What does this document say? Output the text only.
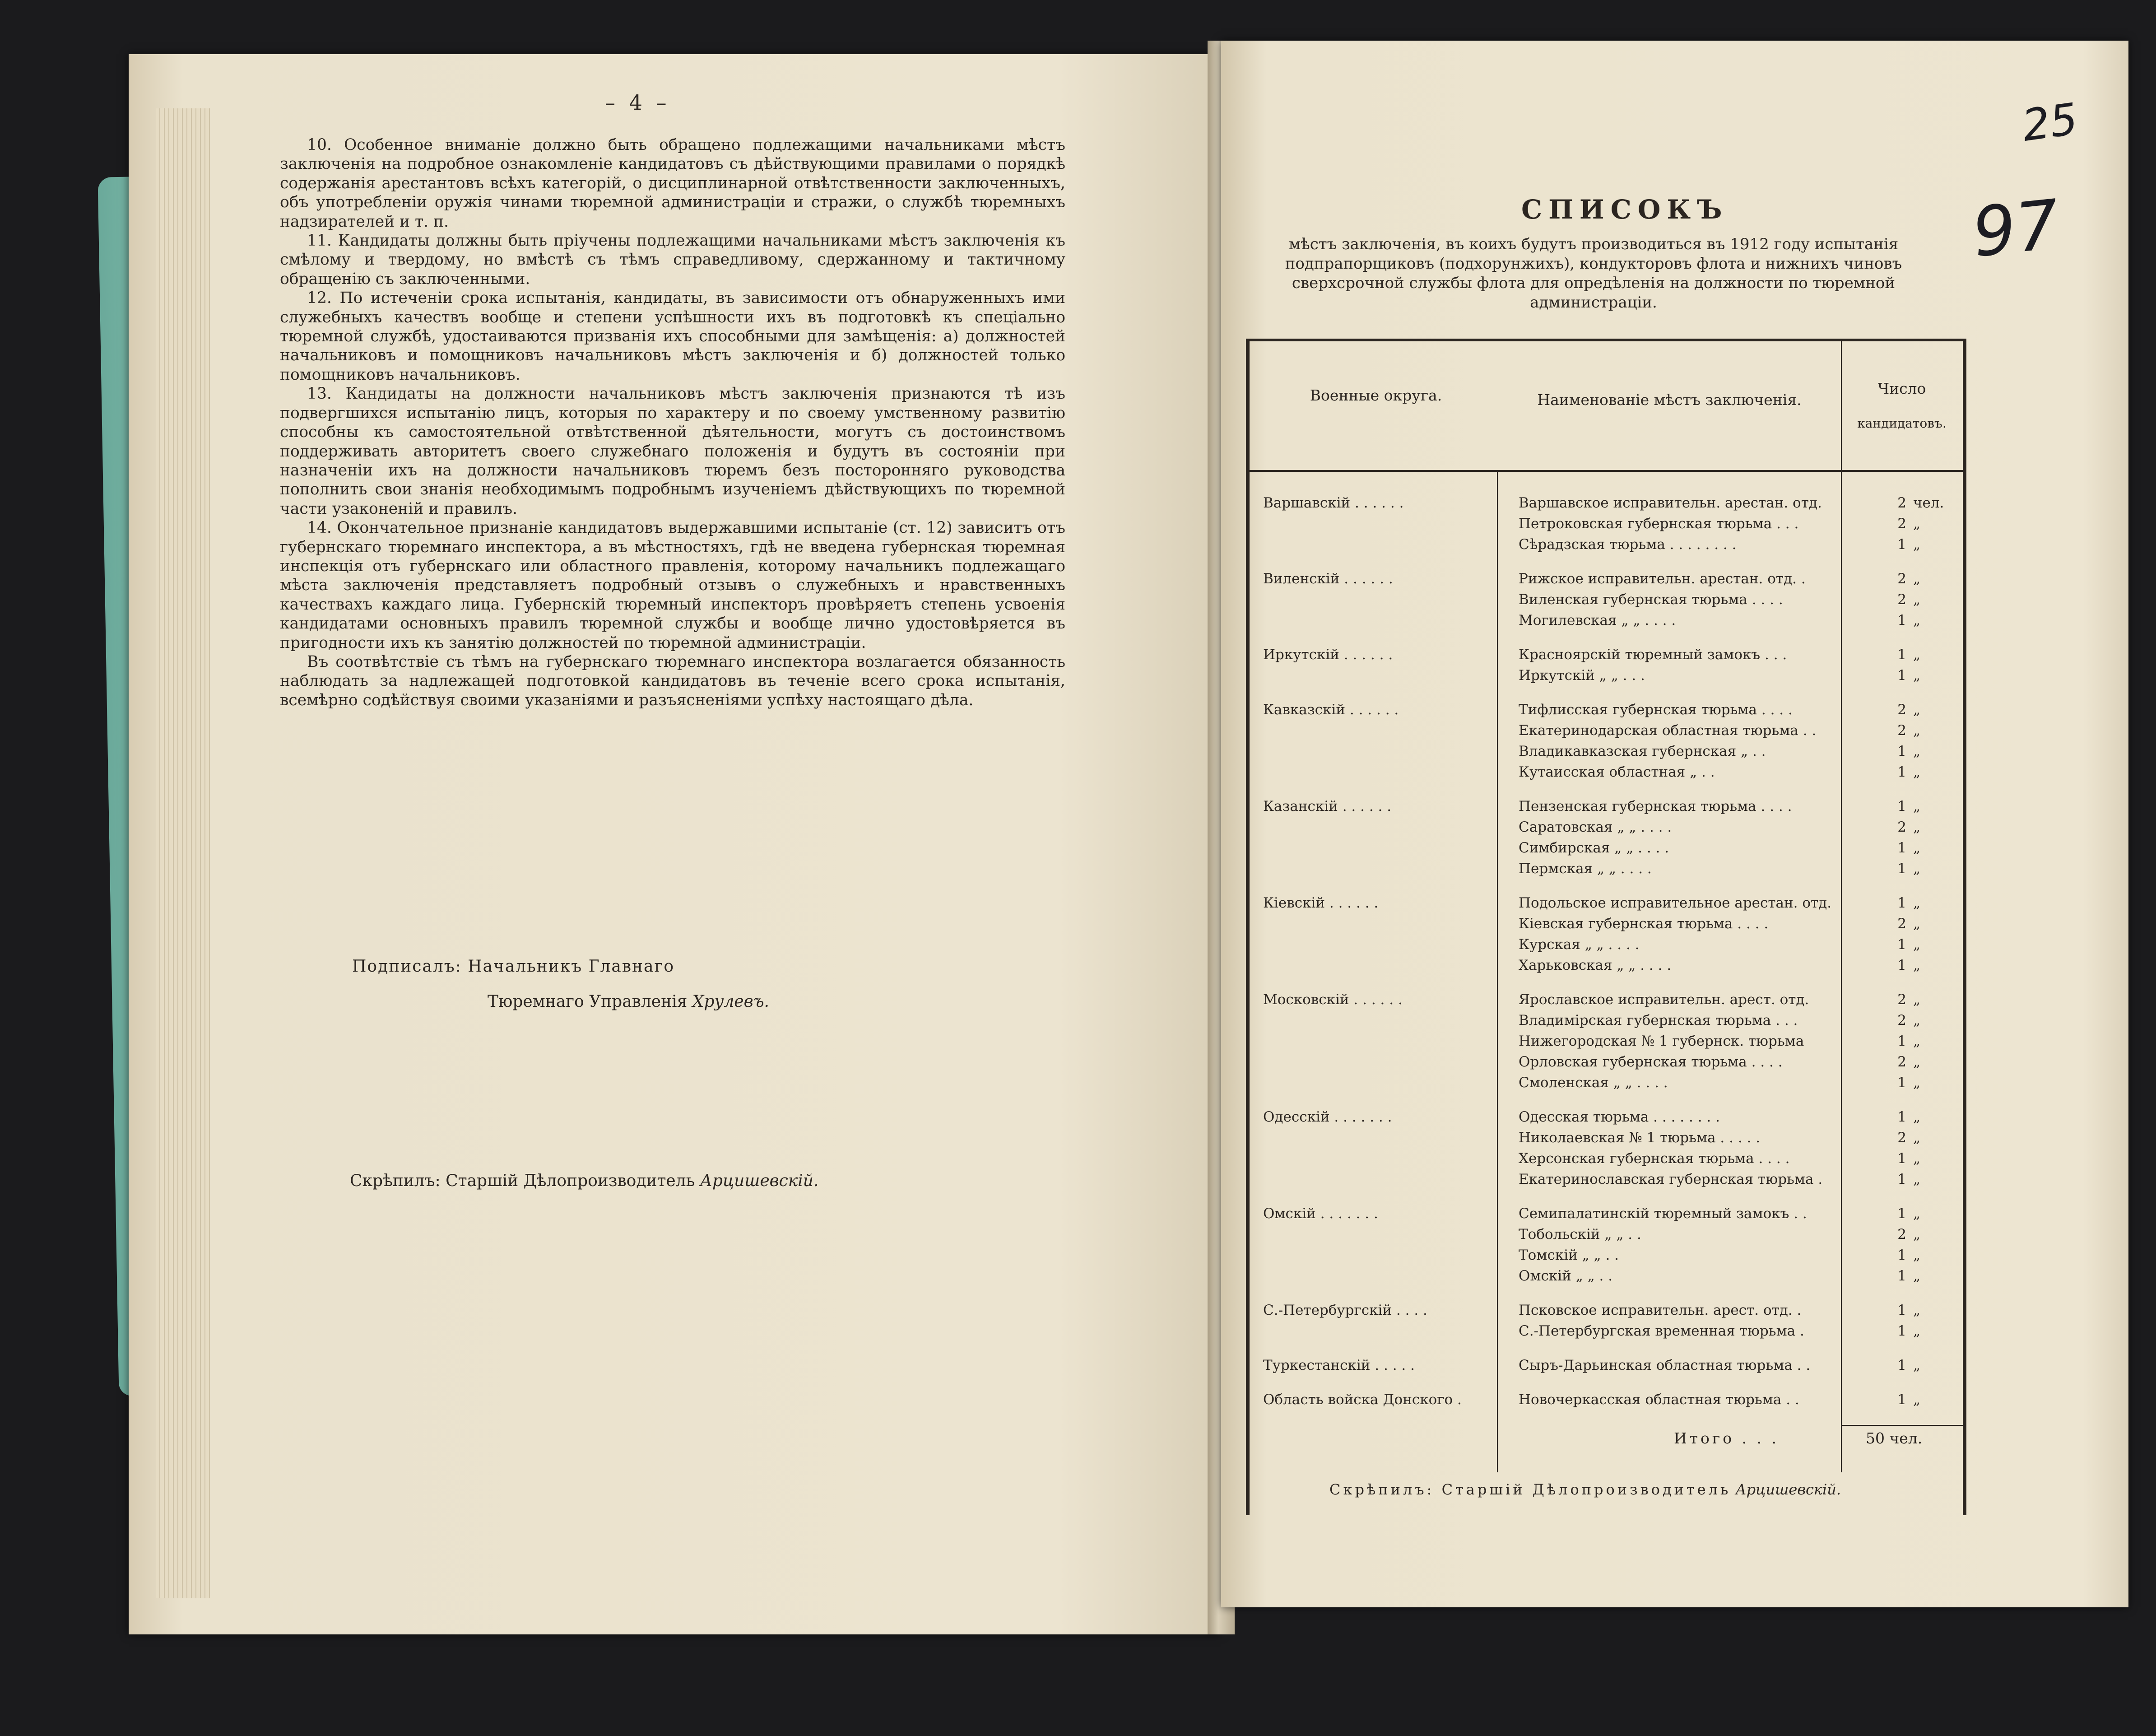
– 4 –

10. Особенное вниманіе должно быть обращено подлежащими начальниками мѣстъ заключенія на подробное ознакомленіе кандидатовъ съ дѣйствующими правилами о порядкѣ содержанія арестантовъ всѣхъ категорій, о дисциплинарной отвѣтственности заключенныхъ, объ употребленіи оружія чинами тюремной администраціи и стражи, о службѣ тюремныхъ надзирателей и т. п.

11. Кандидаты должны быть пріучены подлежащими начальниками мѣстъ заключенія къ смѣлому и твердому, но вмѣстѣ съ тѣмъ справедливому, сдержанному и тактичному обращенію съ заключенными.

12. По истеченіи срока испытанія, кандидаты, въ зависимости отъ обнаруженныхъ ими служебныхъ качествъ вообще и степени успѣшности ихъ въ подготовкѣ къ спеціально тюремной службѣ, удостаиваются призванія ихъ способными для замѣщенія: а) должностей начальниковъ и помощниковъ начальниковъ мѣстъ заключенія и б) должностей только помощниковъ начальниковъ.

13. Кандидаты на должности начальниковъ мѣстъ заключенія признаются тѣ изъ подвергшихся испытанію лицъ, которыя по характеру и по своему умственному развитію способны къ самостоятельной отвѣтственной дѣятельности, могутъ съ достоинствомъ поддерживать авторитетъ своего служебнаго положенія и будутъ въ состояніи при назначеніи ихъ на должности начальниковъ тюремъ безъ посторонняго руководства пополнить свои знанія необходимымъ подробнымъ изученіемъ дѣйствующихъ по тюремной части узаконеній и правилъ.

14. Окончательное признаніе кандидатовъ выдержавшими испытаніе (ст. 12) зависитъ отъ губернскаго тюремнаго инспектора, а въ мѣстностяхъ, гдѣ не введена губернская тюремная инспекція отъ губернскаго или областного правленія, которому начальникъ подлежащаго мѣста заключенія представляетъ подробный отзывъ о служебныхъ и нравственныхъ качествахъ каждаго лица. Губернскій тюремный инспекторъ провѣряетъ степень усвоенія кандидатами основныхъ правилъ тюремной службы и вообще лично удостовѣряется въ пригодности ихъ къ занятію должностей по тюремной администраціи.

Въ соотвѣтствіе съ тѣмъ на губернскаго тюремнаго инспектора возлагается обязанность наблюдать за надлежащей подготовкой кандидатовъ въ теченіе всего срока испытанія, всемѣрно содѣйствуя своими указаніями и разъясненіями успѣху настоящаго дѣла.

Подписалъ: Начальникъ Главнаго
Тюремнаго Управленія Хрулевъ.
Скрѣпилъ: Старшій Дѣлопроизводитель Арцишевскій.
25
97
СПИСОКЪ
мѣстъ заключенія, въ коихъ будутъ производиться въ 1912 году испытанія подпрапорщиковъ (подхорунжихъ), кондукторовъ флота и нижнихъ чиновъ сверхсрочной службы флота для опредѣленія на должности по тюремной администраціи.
Военные округа.	Наименованіе мѣстъ заключенія.
Число
кандидатовъ.
Варшавскій . . . . . .	Варшавское исправительн. арестан. отд.	2 чел.
Петроковская губернская тюрьма . . .	2 „
Сѣрадзская тюрьма . . . . . . . .	1 „
Виленскій . . . . . .	Рижское исправительн. арестан. отд. .	2 „
Виленская губернская тюрьма . . . .	2 „
Могилевская „ „ . . . .	1 „
Иркутскій . . . . . .	Красноярскій тюремный замокъ . . .	1 „
Иркутскій „ „ . . .	1 „
Кавказскій . . . . . .	Тифлисская губернская тюрьма . . . .	2 „
Екатеринодарская областная тюрьма . .	2 „
Владикавказская губернская „ . .	1 „
Кутаисская областная „ . .	1 „
Казанскій . . . . . .	Пензенская губернская тюрьма . . . .	1 „
Саратовская „ „ . . . .	2 „
Симбирская „ „ . . . .	1 „
Пермская „ „ . . . .	1 „
Кіевскій . . . . . .	Подольское исправительное арестан. отд.	1 „
Кіевская губернская тюрьма . . . .	2 „
Курская „ „ . . . .	1 „
Харьковская „ „ . . . .	1 „
Московскій . . . . . .	Ярославское исправительн. арест. отд.	2 „
Владимірская губернская тюрьма . . .	2 „
Нижегородская № 1 губернск. тюрьма	1 „
Орловская губернская тюрьма . . . .	2 „
Смоленская „ „ . . . .	1 „
Одесскій . . . . . . .	Одесская тюрьма . . . . . . . .	1 „
Николаевская № 1 тюрьма . . . . .	2 „
Херсонская губернская тюрьма . . . .	1 „
Екатеринославская губернская тюрьма .	1 „
Омскій . . . . . . .	Семипалатинскій тюремный замокъ . .	1 „
Тобольскій „ „ . .	2 „
Томскій „ „ . .	1 „
Омскій „ „ . .	1 „
С.-Петербургскій . . . .	Псковское исправительн. арест. отд. .	1 „
С.-Петербургская временная тюрьма .	1 „
Туркестанскій . . . . .	Сыръ-Дарьинская областная тюрьма . .	1 „
Область войска Донского .	Новочеркасская областная тюрьма . .	1 „
Итого . . .	50 чел.
Скрѣпилъ: Старшій Дѣлопроизводитель Арцишевскій.
